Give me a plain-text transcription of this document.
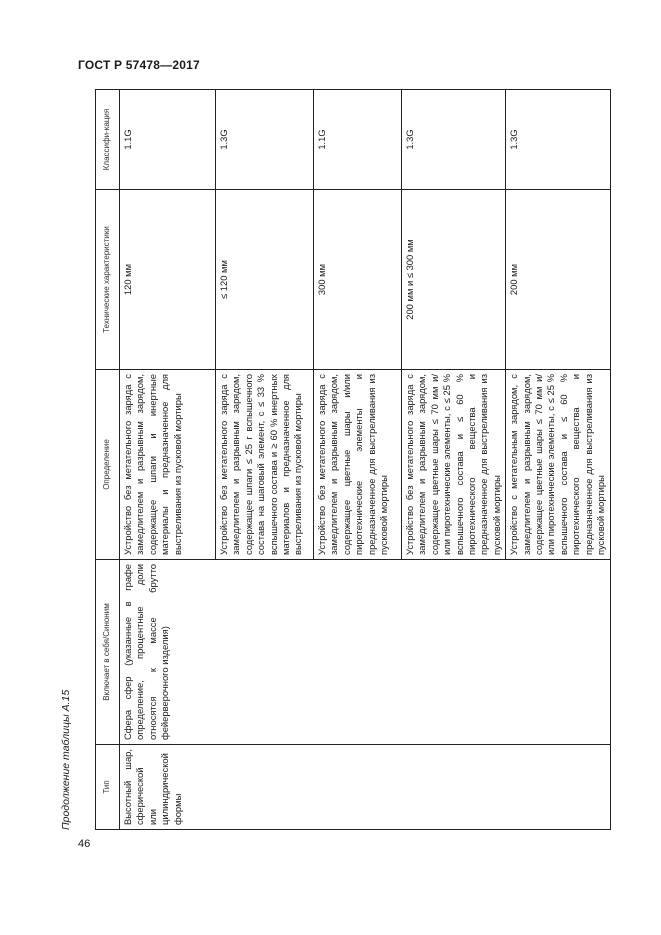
ГОСТ Р 57478—2017
Продолжение таблицы А.15	Тип	Включает в себя/Синоним	Определение	Технические характеристики	Классифи-кация
Высотный шар, сферической или цилиндрической формы	Сфера сфер (указанные в графе определение, процентные доли относятся к массе брутто фейерверочного изделия)	Устройство без метательного заряда с замедлителем и разрывным зарядом, содержащее шпаги и инертные материалы и предназначенное для выстреливания из пусковой мортиры	120 мм	1.1G
		Устройство без метательного заряда с замедлителем и разрывным зарядом, содержащее шпаги ≤ 25 г вспышечного состава на шаговый элемент, с ≤ 33 % вспышечного состава и ≥ 60 % инертных материалов и предназначенное для выстреливания из пусковой мортиры	≤ 120 мм	1.3G
		Устройство без метательного заряда с замедлителем и разрывным зарядом, содержащее цветные шары и/или пиротехнические элементы и предназначенное для выстреливания из пусковой мортиры	300 мм	1.1G
		Устройство без метательного заряда с замедлителем и разрывным зарядом, содержащее цветные шары ≤ 70 мм и/или пиротехнические элементы, с ≤ 25 % вспышечного состава и ≤ 60 % пиротехнического вещества и предназначенное для выстреливания из пусковой мортиры	200 мм и ≤ 300 мм	1.3G
		Устройство с метательным зарядом, с замедлителем и разрывным зарядом, содержащее цветные шары ≤ 70 мм и/или пиротехнические элементы, с ≤ 25 % вспышечного состава и ≤ 60 % пиротехнического вещества и предназначенное для выстреливания из пусковой мортиры	200 мм	1.3G
46
